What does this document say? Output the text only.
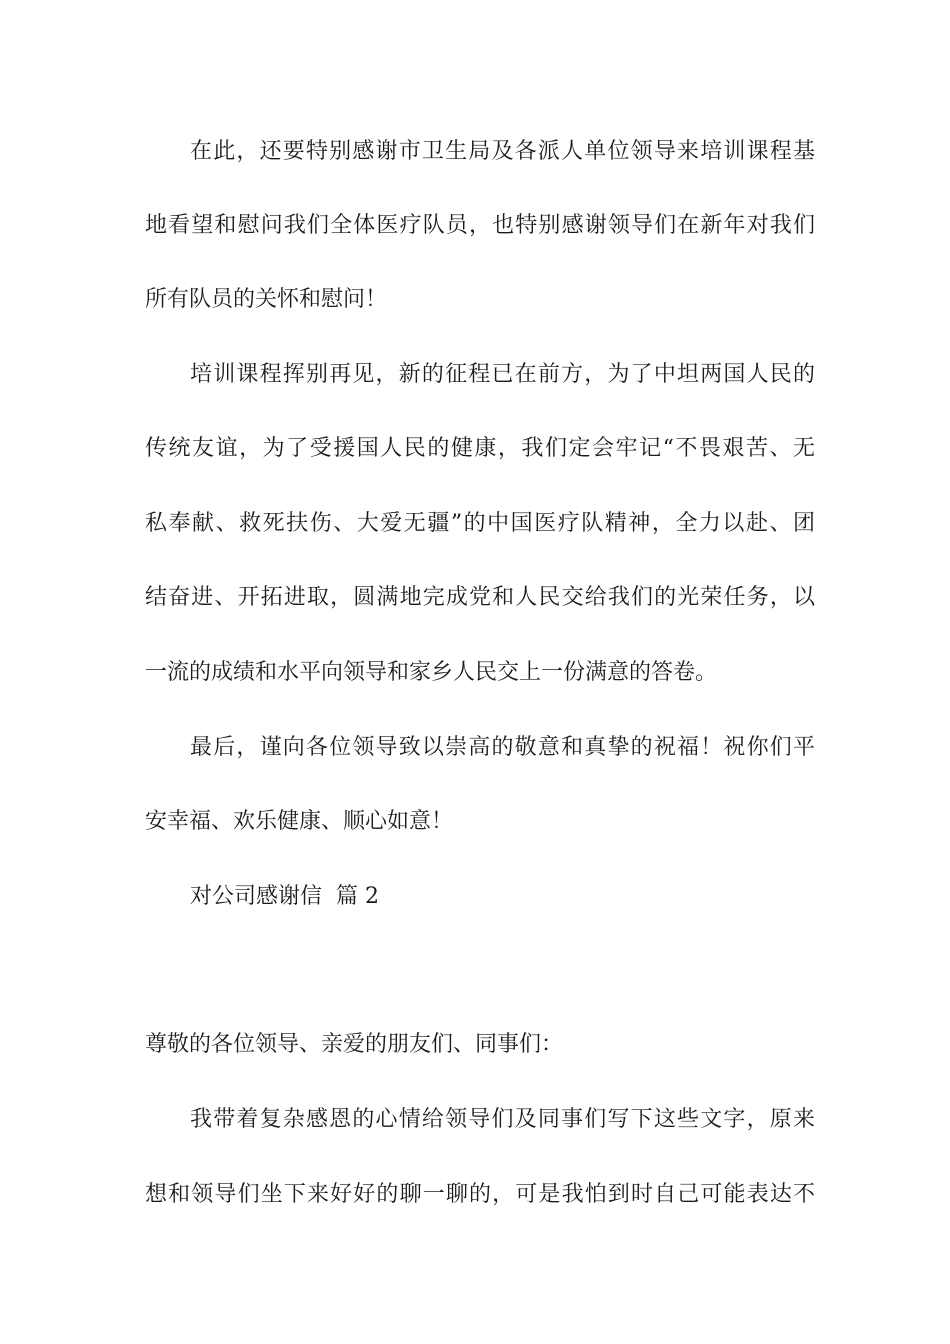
在此，还要特别感谢市卫生局及各派人单位领导来培训课程基
地看望和慰问我们全体医疗队员，也特别感谢领导们在新年对我们
所有队员的关怀和慰问！
培训课程挥别再见，新的征程已在前方，为了中坦两国人民的
传统友谊，为了受援国人民的健康，我们定会牢记“不畏艰苦、无
私奉献、救死扶伤、大爱无疆”的中国医疗队精神，全力以赴、团
结奋进、开拓进取，圆满地完成党和人民交给我们的光荣任务，以
一流的成绩和水平向领导和家乡人民交上一份满意的答卷。
最后，谨向各位领导致以崇高的敬意和真挚的祝福！祝你们平
安幸福、欢乐健康、顺心如意！
对公司感谢信  篇 2
尊敬的各位领导、亲爱的朋友们、同事们：
我带着复杂感恩的心情给领导们及同事们写下这些文字，原来
想和领导们坐下来好好的聊一聊的，可是我怕到时自己可能表达不
